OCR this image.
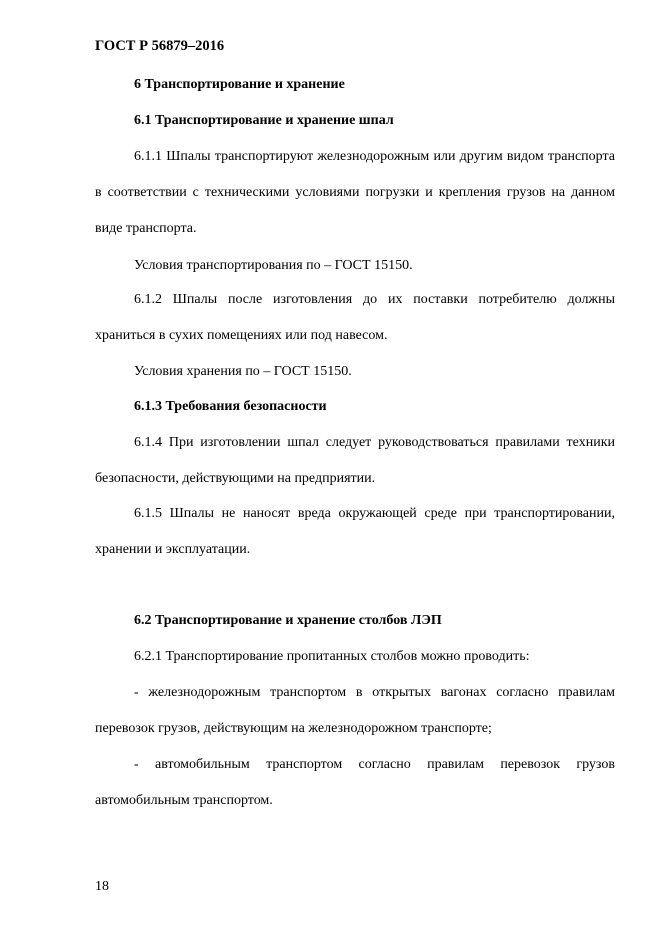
ГОСТ Р 56879–2016
6 Транспортирование и хранение
6.1 Транспортирование и хранение шпал

6.1.1 Шпалы транспортируют железнодорожным или другим видом транспорта в соответствии с техническими условиями погрузки и крепления грузов на данном виде транспорта.

Условия транспортирования по – ГОСТ 15150.

6.1.2 Шпалы после изготовления до их поставки потребителю должны храниться в сухих помещениях или под навесом.

Условия хранения по – ГОСТ 15150.
6.1.3 Требования безопасности

6.1.4 При изготовлении шпал следует руководствоваться правилами техники безопасности, действующими на предприятии.

6.1.5 Шпалы не наносят вреда окружающей среде при транспортировании, хранении и эксплуатации.

6.2 Транспортирование и хранение столбов ЛЭП
6.2.1 Транспортирование пропитанных столбов можно проводить:

- железнодорожным транспортом в открытых вагонах согласно правилам перевозок грузов, действующим на железнодорожном транспорте;

- автомобильным транспортом согласно правилам перевозок грузов автомобильным транспортом.

18
